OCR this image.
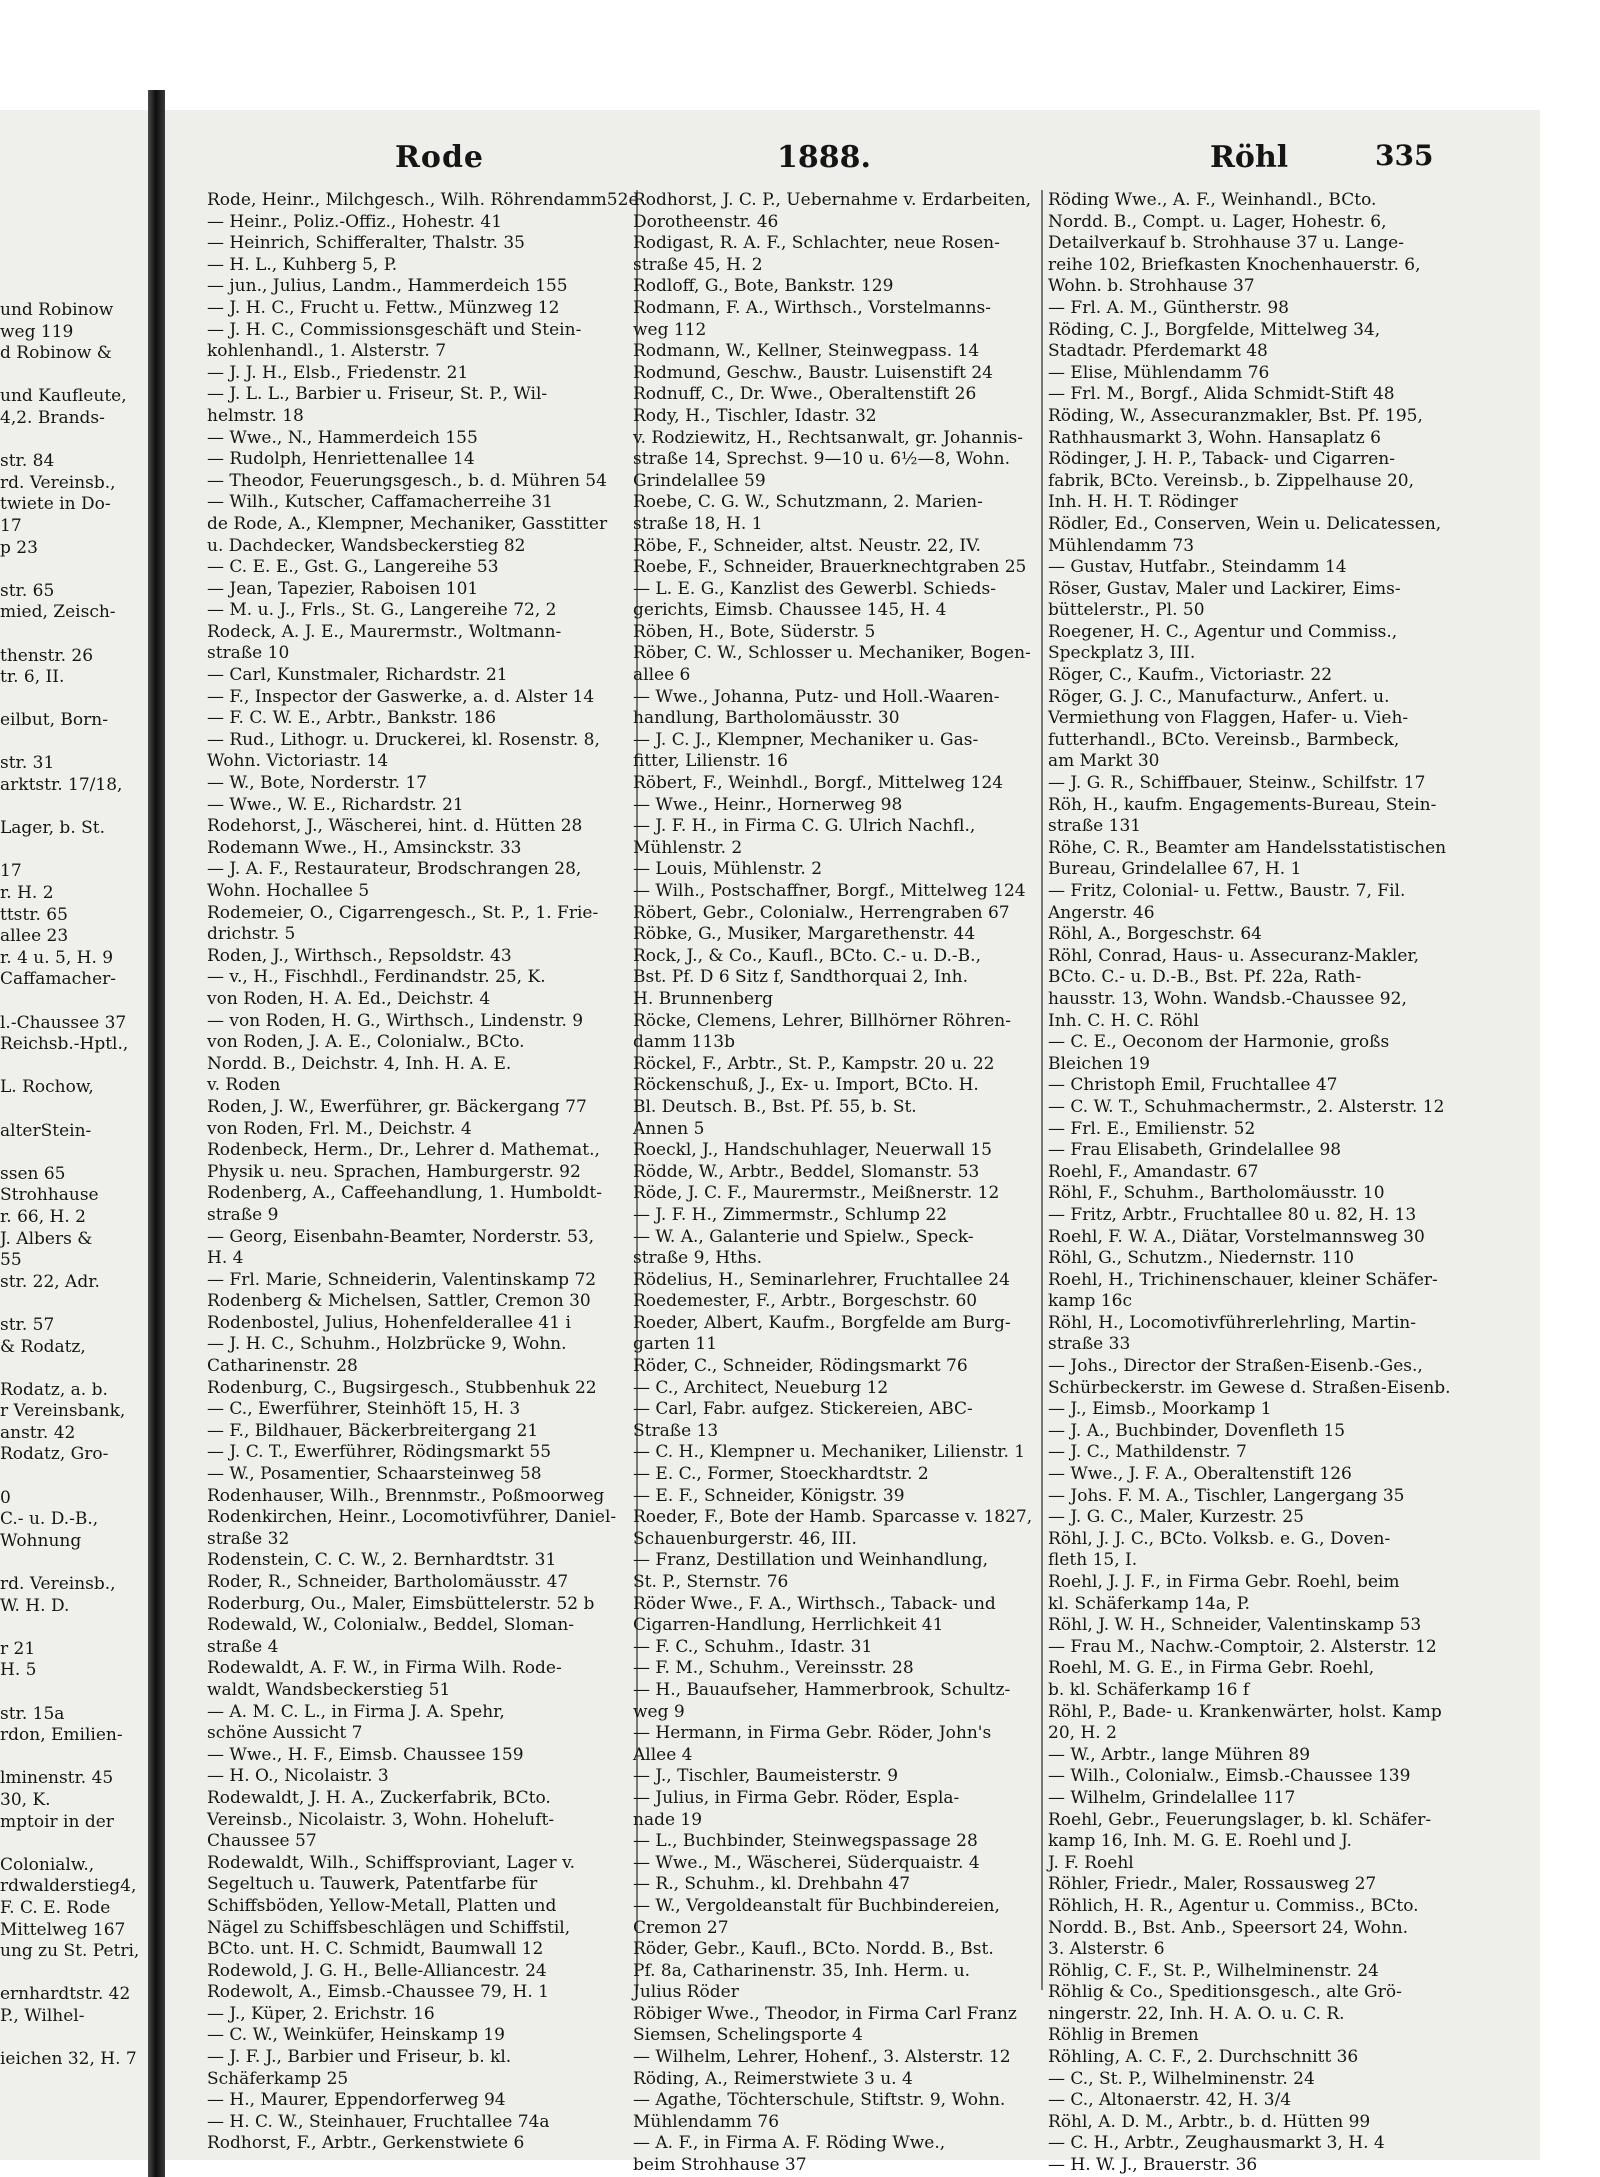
und Robinow
weg 119
d Robinow &
und Kaufleute,
4,2. Brands-
str. 84
rd. Vereinsb.,
twiete in Do-
17
p 23
str. 65
mied, Zeisch-
thenstr. 26
tr. 6, II.
eilbut, Born-
str. 31
arktstr. 17/18,
Lager, b. St.
17
r. H. 2
ttstr. 65
allee 23
r. 4 u. 5, H. 9
Caffamacher-
l.-Chaussee 37
Reichsb.-Hptl.,
L. Rochow,
alterStein-
ssen 65
Strohhause
r. 66, H. 2
J. Albers &
55
str. 22, Adr.
str. 57
& Rodatz,
Rodatz, a. b.
r Vereinsbank,
anstr. 42
Rodatz, Gro-
0
C.- u. D.-B.,
Wohnung
rd. Vereinsb.,
W. H. D.
r 21
H. 5
str. 15a
rdon, Emilien-
lminenstr. 45
30, K.
mptoir in der
Colonialw.,
rdwalderstieg4,
F. C. E. Rode
Mittelweg 167
ung zu St. Petri,
ernhardtstr. 42
P., Wilhel-
ieichen 32, H. 7
Rode	1888.	Röhl	335
Rode, Heinr., Milchgesch., Wilh. Röhrendamm52e
— Heinr., Poliz.-Offiz., Hohestr. 41
— Heinrich, Schifferalter, Thalstr. 35
— H. L., Kuhberg 5, P.
— jun., Julius, Landm., Hammerdeich 155
— J. H. C., Frucht u. Fettw., Münzweg 12
— J. H. C., Commissionsgeschäft und Stein-
kohlenhandl., 1. Alsterstr. 7
— J. J. H., Elsb., Friedenstr. 21
— J. L. L., Barbier u. Friseur, St. P., Wil-
helmstr. 18
— Wwe., N., Hammerdeich 155
— Rudolph, Henriettenallee 14
— Theodor, Feuerungsgesch., b. d. Mühren 54
— Wilh., Kutscher, Caffamacherreihe 31
de Rode, A., Klempner, Mechaniker, Gasstitter
u. Dachdecker, Wandsbeckerstieg 82
— C. E. E., Gst. G., Langereihe 53
— Jean, Tapezier, Raboisen 101
— M. u. J., Frls., St. G., Langereihe 72, 2
Rodeck, A. J. E., Maurermstr., Woltmann-
straße 10
— Carl, Kunstmaler, Richardstr. 21
— F., Inspector der Gaswerke, a. d. Alster 14
— F. C. W. E., Arbtr., Bankstr. 186
— Rud., Lithogr. u. Druckerei, kl. Rosenstr. 8,
Wohn. Victoriastr. 14
— W., Bote, Norderstr. 17
— Wwe., W. E., Richardstr. 21
Rodehorst, J., Wäscherei, hint. d. Hütten 28
Rodemann Wwe., H., Amsinckstr. 33
— J. A. F., Restaurateur, Brodschrangen 28,
Wohn. Hochallee 5
Rodemeier, O., Cigarrengesch., St. P., 1. Frie-
drichstr. 5
Roden, J., Wirthsch., Repsoldstr. 43
— v., H., Fischhdl., Ferdinandstr. 25, K.
von Roden, H. A. Ed., Deichstr. 4
— von Roden, H. G., Wirthsch., Lindenstr. 9
von Roden, J. A. E., Colonialw., BCto.
Nordd. B., Deichstr. 4, Inh. H. A. E.
v. Roden
Roden, J. W., Ewerführer, gr. Bäckergang 77
von Roden, Frl. M., Deichstr. 4
Rodenbeck, Herm., Dr., Lehrer d. Mathemat.,
Physik u. neu. Sprachen, Hamburgerstr. 92
Rodenberg, A., Caffeehandlung, 1. Humboldt-
straße 9
— Georg, Eisenbahn-Beamter, Norderstr. 53,
H. 4
— Frl. Marie, Schneiderin, Valentinskamp 72
Rodenberg & Michelsen, Sattler, Cremon 30
Rodenbostel, Julius, Hohenfelderallee 41 i
— J. H. C., Schuhm., Holzbrücke 9, Wohn.
Catharinenstr. 28
Rodenburg, C., Bugsirgesch., Stubbenhuk 22
— C., Ewerführer, Steinhöft 15, H. 3
— F., Bildhauer, Bäckerbreitergang 21
— J. C. T., Ewerführer, Rödingsmarkt 55
— W., Posamentier, Schaarsteinweg 58
Rodenhauser, Wilh., Brennmstr., Poßmoorweg
Rodenkirchen, Heinr., Locomotivführer, Daniel-
straße 32
Rodenstein, C. C. W., 2. Bernhardtstr. 31
Roder, R., Schneider, Bartholomäusstr. 47
Roderburg, Ou., Maler, Eimsbüttelerstr. 52 b
Rodewald, W., Colonialw., Beddel, Sloman-
straße 4
Rodewaldt, A. F. W., in Firma Wilh. Rode-
waldt, Wandsbeckerstieg 51
— A. M. C. L., in Firma J. A. Spehr,
schöne Aussicht 7
— Wwe., H. F., Eimsb. Chaussee 159
— H. O., Nicolaistr. 3
Rodewaldt, J. H. A., Zuckerfabrik, BCto.
Vereinsb., Nicolaistr. 3, Wohn. Hoheluft-
Chaussee 57
Rodewaldt, Wilh., Schiffsproviant, Lager v.
Segeltuch u. Tauwerk, Patentfarbe für
Schiffsböden, Yellow-Metall, Platten und
Nägel zu Schiffsbeschlägen und Schiffstil,
BCto. unt. H. C. Schmidt, Baumwall 12
Rodewold, J. G. H., Belle-Alliancestr. 24
Rodewolt, A., Eimsb.-Chaussee 79, H. 1
— J., Küper, 2. Erichstr. 16
— C. W., Weinküfer, Heinskamp 19
— J. F. J., Barbier und Friseur, b. kl.
Schäferkamp 25
— H., Maurer, Eppendorferweg 94
— H. C. W., Steinhauer, Fruchtallee 74a
Rodhorst, F., Arbtr., Gerkenstwiete 6
Rodhorst, J. C. P., Uebernahme v. Erdarbeiten,
Dorotheenstr. 46
Rodigast, R. A. F., Schlachter, neue Rosen-
straße 45, H. 2
Rodloff, G., Bote, Bankstr. 129
Rodmann, F. A., Wirthsch., Vorstelmanns-
weg 112
Rodmann, W., Kellner, Steinwegpass. 14
Rodmund, Geschw., Baustr. Luisenstift 24
Rodnuff, C., Dr. Wwe., Oberaltenstift 26
Rody, H., Tischler, Idastr. 32
v. Rodziewitz, H., Rechtsanwalt, gr. Johannis-
straße 14, Sprechst. 9—10 u. 6½—8, Wohn.
Grindelallee 59
Roebe, C. G. W., Schutzmann, 2. Marien-
straße 18, H. 1
Röbe, F., Schneider, altst. Neustr. 22, IV.
Roebe, F., Schneider, Brauerknechtgraben 25
— L. E. G., Kanzlist des Gewerbl. Schieds-
gerichts, Eimsb. Chaussee 145, H. 4
Röben, H., Bote, Süderstr. 5
Röber, C. W., Schlosser u. Mechaniker, Bogen-
allee 6
— Wwe., Johanna, Putz- und Holl.-Waaren-
handlung, Bartholomäusstr. 30
— J. C. J., Klempner, Mechaniker u. Gas-
fitter, Lilienstr. 16
Röbert, F., Weinhdl., Borgf., Mittelweg 124
— Wwe., Heinr., Hornerweg 98
— J. F. H., in Firma C. G. Ulrich Nachfl.,
Mühlenstr. 2
— Louis, Mühlenstr. 2
— Wilh., Postschaffner, Borgf., Mittelweg 124
Röbert, Gebr., Colonialw., Herrengraben 67
Röbke, G., Musiker, Margarethenstr. 44
Rock, J., & Co., Kaufl., BCto. C.- u. D.-B.,
Bst. Pf. D 6 Sitz f, Sandthorquai 2, Inh.
H. Brunnenberg
Röcke, Clemens, Lehrer, Billhörner Röhren-
damm 113b
Röckel, F., Arbtr., St. P., Kampstr. 20 u. 22
Röckenschuß, J., Ex- u. Import, BCto. H.
Bl. Deutsch. B., Bst. Pf. 55, b. St.
Annen 5
Roeckl, J., Handschuhlager, Neuerwall 15
Rödde, W., Arbtr., Beddel, Slomanstr. 53
Röde, J. C. F., Maurermstr., Meißnerstr. 12
— J. F. H., Zimmermstr., Schlump 22
— W. A., Galanterie und Spielw., Speck-
straße 9, Hths.
Rödelius, H., Seminarlehrer, Fruchtallee 24
Roedemester, F., Arbtr., Borgeschstr. 60
Roeder, Albert, Kaufm., Borgfelde am Burg-
garten 11
Röder, C., Schneider, Rödingsmarkt 76
— C., Architect, Neueburg 12
— Carl, Fabr. aufgez. Stickereien, ABC-
Straße 13
— C. H., Klempner u. Mechaniker, Lilienstr. 1
— E. C., Former, Stoeckhardtstr. 2
— E. F., Schneider, Königstr. 39
Roeder, F., Bote der Hamb. Sparcasse v. 1827,
Schauenburgerstr. 46, III.
— Franz, Destillation und Weinhandlung,
St. P., Sternstr. 76
Röder Wwe., F. A., Wirthsch., Taback- und
Cigarren-Handlung, Herrlichkeit 41
— F. C., Schuhm., Idastr. 31
— F. M., Schuhm., Vereinsstr. 28
— H., Bauaufseher, Hammerbrook, Schultz-
weg 9
— Hermann, in Firma Gebr. Röder, John's
Allee 4
— J., Tischler, Baumeisterstr. 9
— Julius, in Firma Gebr. Röder, Espla-
nade 19
— L., Buchbinder, Steinwegspassage 28
— Wwe., M., Wäscherei, Süderquaistr. 4
— R., Schuhm., kl. Drehbahn 47
— W., Vergoldeanstalt für Buchbindereien,
Cremon 27
Röder, Gebr., Kaufl., BCto. Nordd. B., Bst.
Pf. 8a, Catharinenstr. 35, Inh. Herm. u.
Julius Röder
Röbiger Wwe., Theodor, in Firma Carl Franz
Siemsen, Schelingsporte 4
— Wilhelm, Lehrer, Hohenf., 3. Alsterstr. 12
Röding, A., Reimerstwiete 3 u. 4
— Agathe, Töchterschule, Stiftstr. 9, Wohn.
Mühlendamm 76
— A. F., in Firma A. F. Röding Wwe.,
beim Strohhause 37
Röding Wwe., A. F., Weinhandl., BCto.
Nordd. B., Compt. u. Lager, Hohestr. 6,
Detailverkauf b. Strohhause 37 u. Lange-
reihe 102, Briefkasten Knochenhauerstr. 6,
Wohn. b. Strohhause 37
— Frl. A. M., Güntherstr. 98
Röding, C. J., Borgfelde, Mittelweg 34,
Stadtadr. Pferdemarkt 48
— Elise, Mühlendamm 76
— Frl. M., Borgf., Alida Schmidt-Stift 48
Röding, W., Assecuranzmakler, Bst. Pf. 195,
Rathhausmarkt 3, Wohn. Hansaplatz 6
Rödinger, J. H. P., Taback- und Cigarren-
fabrik, BCto. Vereinsb., b. Zippelhause 20,
Inh. H. H. T. Rödinger
Rödler, Ed., Conserven, Wein u. Delicatessen,
Mühlendamm 73
— Gustav, Hutfabr., Steindamm 14
Röser, Gustav, Maler und Lackirer, Eims-
büttelerstr., Pl. 50
Roegener, H. C., Agentur und Commiss.,
Speckplatz 3, III.
Röger, C., Kaufm., Victoriastr. 22
Röger, G. J. C., Manufacturw., Anfert. u.
Vermiethung von Flaggen, Hafer- u. Vieh-
futterhandl., BCto. Vereinsb., Barmbeck,
am Markt 30
— J. G. R., Schiffbauer, Steinw., Schilfstr. 17
Röh, H., kaufm. Engagements-Bureau, Stein-
straße 131
Röhe, C. R., Beamter am Handelsstatistischen
Bureau, Grindelallee 67, H. 1
— Fritz, Colonial- u. Fettw., Baustr. 7, Fil.
Angerstr. 46
Röhl, A., Borgeschstr. 64
Röhl, Conrad, Haus- u. Assecuranz-Makler,
BCto. C.- u. D.-B., Bst. Pf. 22a, Rath-
hausstr. 13, Wohn. Wandsb.-Chaussee 92,
Inh. C. H. C. Röhl
— C. E., Oeconom der Harmonie, großs
Bleichen 19
— Christoph Emil, Fruchtallee 47
— C. W. T., Schuhmachermstr., 2. Alsterstr. 12
— Frl. E., Emilienstr. 52
— Frau Elisabeth, Grindelallee 98
Roehl, F., Amandastr. 67
Röhl, F., Schuhm., Bartholomäusstr. 10
— Fritz, Arbtr., Fruchtallee 80 u. 82, H. 13
Roehl, F. W. A., Diätar, Vorstelmannsweg 30
Röhl, G., Schutzm., Niedernstr. 110
Roehl, H., Trichinenschauer, kleiner Schäfer-
kamp 16c
Röhl, H., Locomotivführerlehrling, Martin-
straße 33
— Johs., Director der Straßen-Eisenb.-Ges.,
Schürbeckerstr. im Gewese d. Straßen-Eisenb.
— J., Eimsb., Moorkamp 1
— J. A., Buchbinder, Dovenfleth 15
— J. C., Mathildenstr. 7
— Wwe., J. F. A., Oberaltenstift 126
— Johs. F. M. A., Tischler, Langergang 35
— J. G. C., Maler, Kurzestr. 25
Röhl, J. J. C., BCto. Volksb. e. G., Doven-
fleth 15, I.
Roehl, J. J. F., in Firma Gebr. Roehl, beim
kl. Schäferkamp 14a, P.
Röhl, J. W. H., Schneider, Valentinskamp 53
— Frau M., Nachw.-Comptoir, 2. Alsterstr. 12
Roehl, M. G. E., in Firma Gebr. Roehl,
b. kl. Schäferkamp 16 f
Röhl, P., Bade- u. Krankenwärter, holst. Kamp
20, H. 2
— W., Arbtr., lange Mühren 89
— Wilh., Colonialw., Eimsb.-Chaussee 139
— Wilhelm, Grindelallee 117
Roehl, Gebr., Feuerungslager, b. kl. Schäfer-
kamp 16, Inh. M. G. E. Roehl und J.
J. F. Roehl
Röhler, Friedr., Maler, Rossausweg 27
Röhlich, H. R., Agentur u. Commiss., BCto.
Nordd. B., Bst. Anb., Speersort 24, Wohn.
3. Alsterstr. 6
Röhlig, C. F., St. P., Wilhelminenstr. 24
Röhlig & Co., Speditionsgesch., alte Grö-
ningerstr. 22, Inh. H. A. O. u. C. R.
Röhlig in Bremen
Röhling, A. C. F., 2. Durchschnitt 36
— C., St. P., Wilhelminenstr. 24
— C., Altonaerstr. 42, H. 3/4
Röhl, A. D. M., Arbtr., b. d. Hütten 99
— C. H., Arbtr., Zeughausmarkt 3, H. 4
— H. W. J., Brauerstr. 36
